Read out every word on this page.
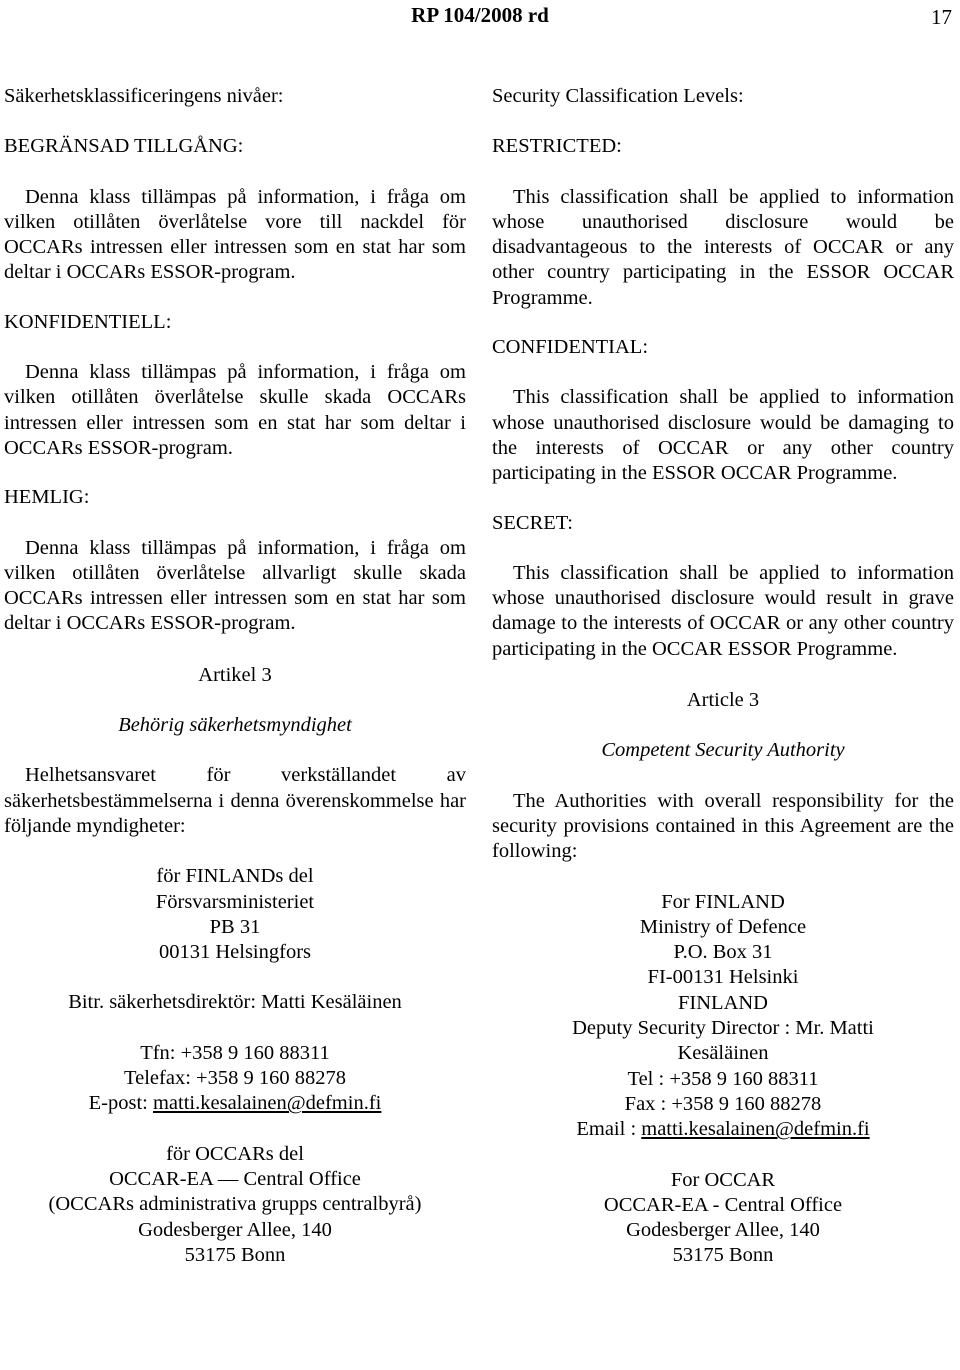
RP 104/2008 rd	17

Säkerhetsklassificeringens nivåer:

BEGRÄNSAD TILLGÅNG:

Denna klass tillämpas på information, i fråga om vilken otillåten överlåtelse vore till nackdel för OCCARs intressen eller intressen som en stat har som deltar i OCCARs ESSOR-program.

KONFIDENTIELL:

Denna klass tillämpas på information, i fråga om vilken otillåten överlåtelse skulle skada OCCARs intressen eller intressen som en stat har som deltar i OCCARs ESSOR-program.

HEMLIG:

Denna klass tillämpas på information, i fråga om vilken otillåten överlåtelse allvarligt skulle skada OCCARs intressen eller intressen som en stat har som deltar i OCCARs ESSOR-program.

Artikel 3

Behörig säkerhetsmyndighet

Helhetsansvaret för verkställandet av säkerhetsbestämmelserna i denna överenskommelse har följande myndigheter:

för FINLANDs del
Försvarsministeriet
PB 31
00131 Helsingfors

Bitr. säkerhetsdirektör: Matti Kesäläinen

Tfn: +358 9 160 88311
Telefax: +358 9 160 88278
E-post: matti.kesalainen@defmin.fi
för OCCARs del
OCCAR-EA — Central Office
(OCCARs administrativa grupps centralbyrå)
Godesberger Allee, 140
53175 Bonn

Security Classification Levels:

RESTRICTED:

This classification shall be applied to information whose unauthorised disclosure would be disadvantageous to the interests of OCCAR or any other country participating in the ESSOR OCCAR Programme.

CONFIDENTIAL:

This classification shall be applied to information whose unauthorised disclosure would be damaging to the interests of OCCAR or any other country participating in the ESSOR OCCAR Programme.

SECRET:

This classification shall be applied to information whose unauthorised disclosure would result in grave damage to the interests of OCCAR or any other country participating in the OCCAR ESSOR Programme.

Article 3

Competent Security Authority

The Authorities with overall responsibility for the security provisions contained in this Agreement are the following:

For FINLAND
Ministry of Defence
P.O. Box 31
FI-00131 Helsinki
FINLAND
Deputy Security Director : Mr. Matti Kesäläinen
Tel : +358 9 160 88311
Fax : +358 9 160 88278
Email : matti.kesalainen@defmin.fi
For OCCAR
OCCAR-EA - Central Office
Godesberger Allee, 140
53175 Bonn
